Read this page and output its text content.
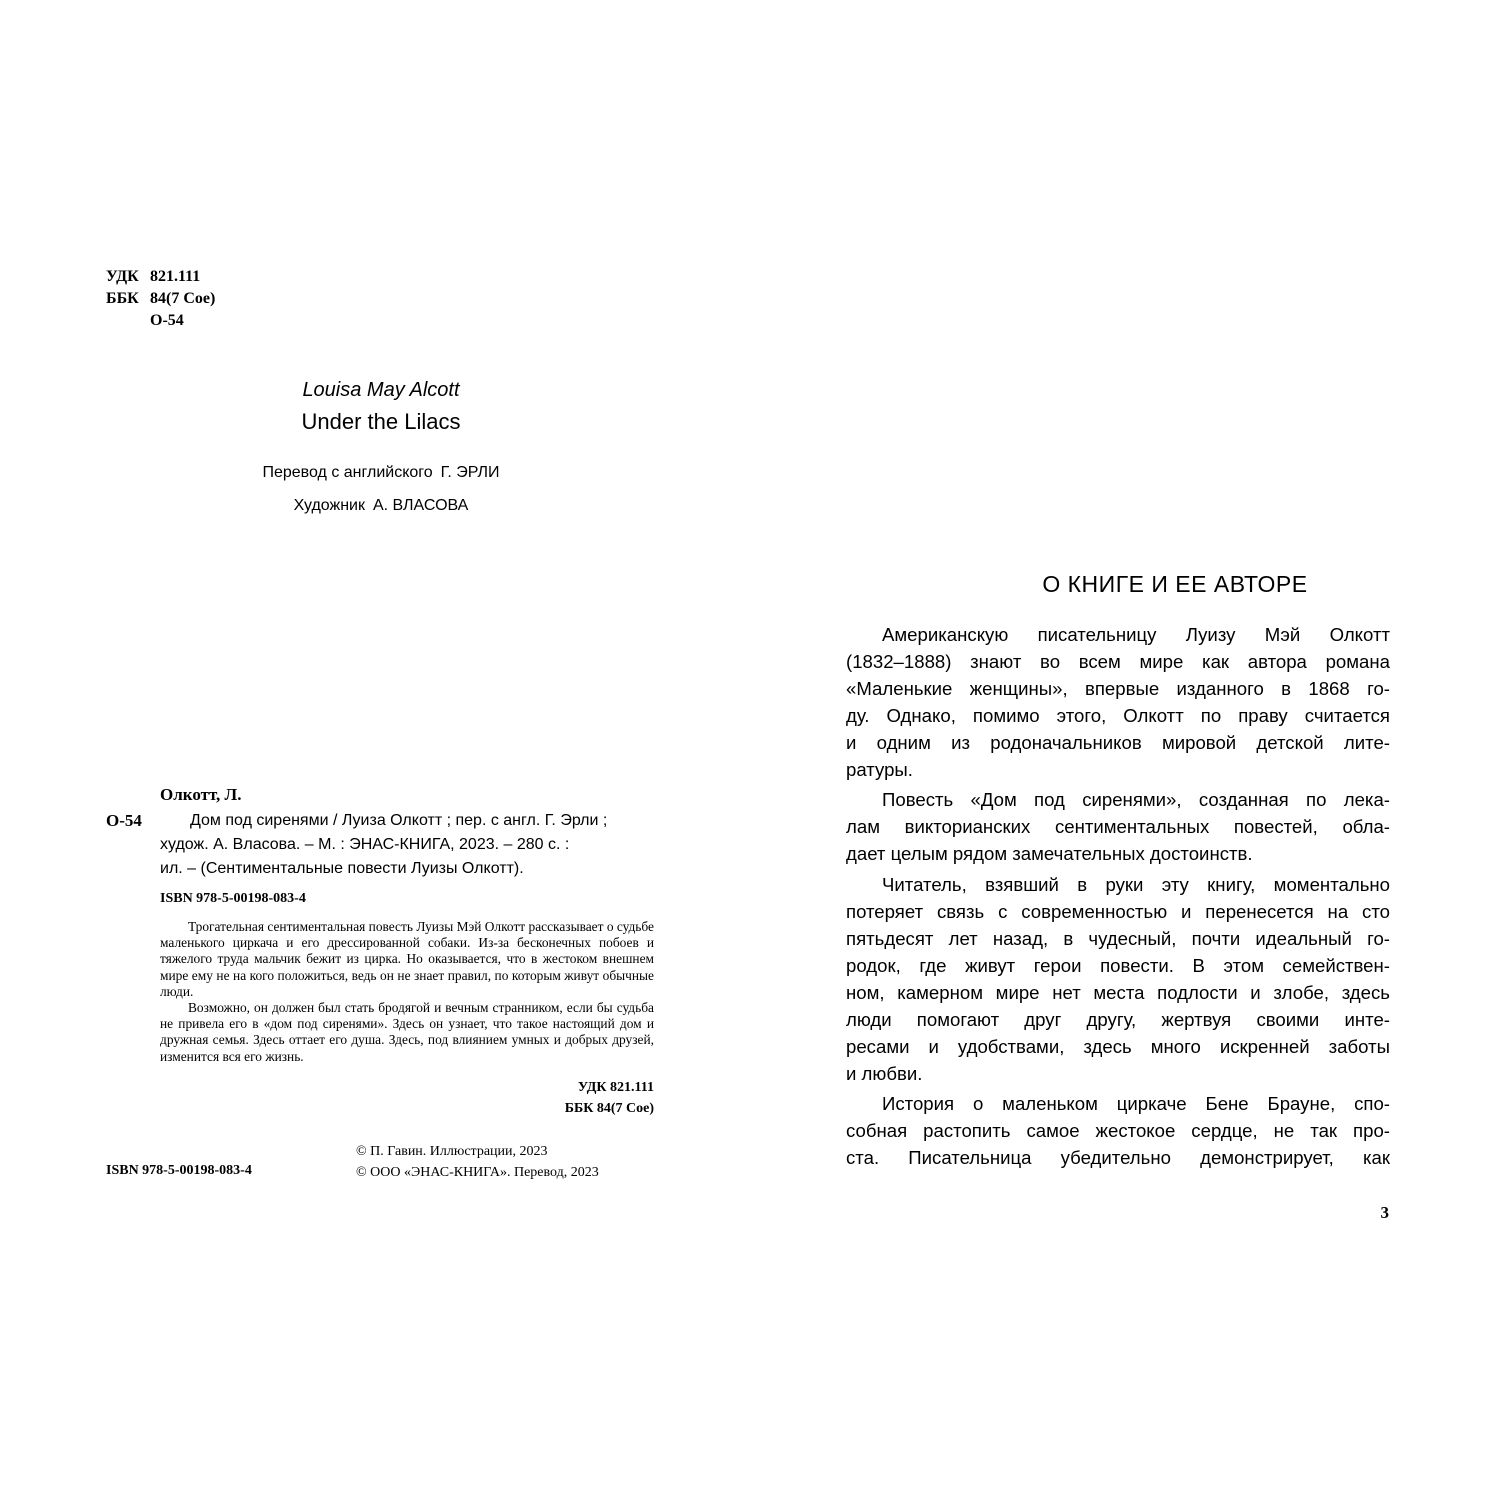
УДК 821.111
ББК 84(7 Сое)
О-54
Louisa May Alcott
Under the Lilacs
Перевод с английского Г. ЭРЛИ
Художник А. ВЛАСОВА
Олкотт, Л.
О-54	Дом под сиренями / Луиза Олкотт ; пер. с англ. Г. Эрли ;
худож. А. Власова. – М. : ЭНАС-КНИГА, 2023. – 280 с. :
ил. – (Сентиментальные повести Луизы Олкотт).
ISBN 978-5-00198-083-4

Трогательная сентиментальная повесть Луизы Мэй Олкотт рассказывает о судьбе маленького циркача и его дрессированной собаки. Из-за бесконечных побоев и тяжелого труда мальчик бежит из цирка. Но оказывается, что в жестоком внешнем мире ему не на кого положиться, ведь он не знает правил, по которым живут обычные люди.

Возможно, он должен был стать бродягой и вечным странником, если бы судьба не привела его в «дом под сиренями». Здесь он узнает, что такое настоящий дом и дружная семья. Здесь оттает его душа. Здесь, под влиянием умных и добрых друзей, изменится вся его жизнь.

УДК 821.111
ББК 84(7 Сое)
ISBN 978-5-00198-083-4
© П. Гавин. Иллюстрации, 2023
© ООО «ЭНАС-КНИГА». Перевод, 2023
О КНИГЕ И ЕЕ АВТОРЕ
Американскую писательницу Луизу Мэй Олкотт
(1832–1888) знают во всем мире как автора романа
«Маленькие женщины», впервые изданного в 1868 го-
ду. Однако, помимо этого, Олкотт по праву считается
и одним из родоначальников мировой детской лите-
ратуры.
Повесть «Дом под сиренями», созданная по лека-
лам викторианских сентиментальных повестей, обла-
дает целым рядом замечательных достоинств.
Читатель, взявший в руки эту книгу, моментально
потеряет связь с современностью и перенесется на сто
пятьдесят лет назад, в чудесный, почти идеальный го-
родок, где живут герои повести. В этом семействен-
ном, камерном мире нет места подлости и злобе, здесь
люди помогают друг другу, жертвуя своими инте-
ресами и удобствами, здесь много искренней заботы
и любви.
История о маленьком циркаче Бене Брауне, спо-
собная растопить самое жестокое сердце, не так про-
ста. Писательница убедительно демонстрирует, как
3
